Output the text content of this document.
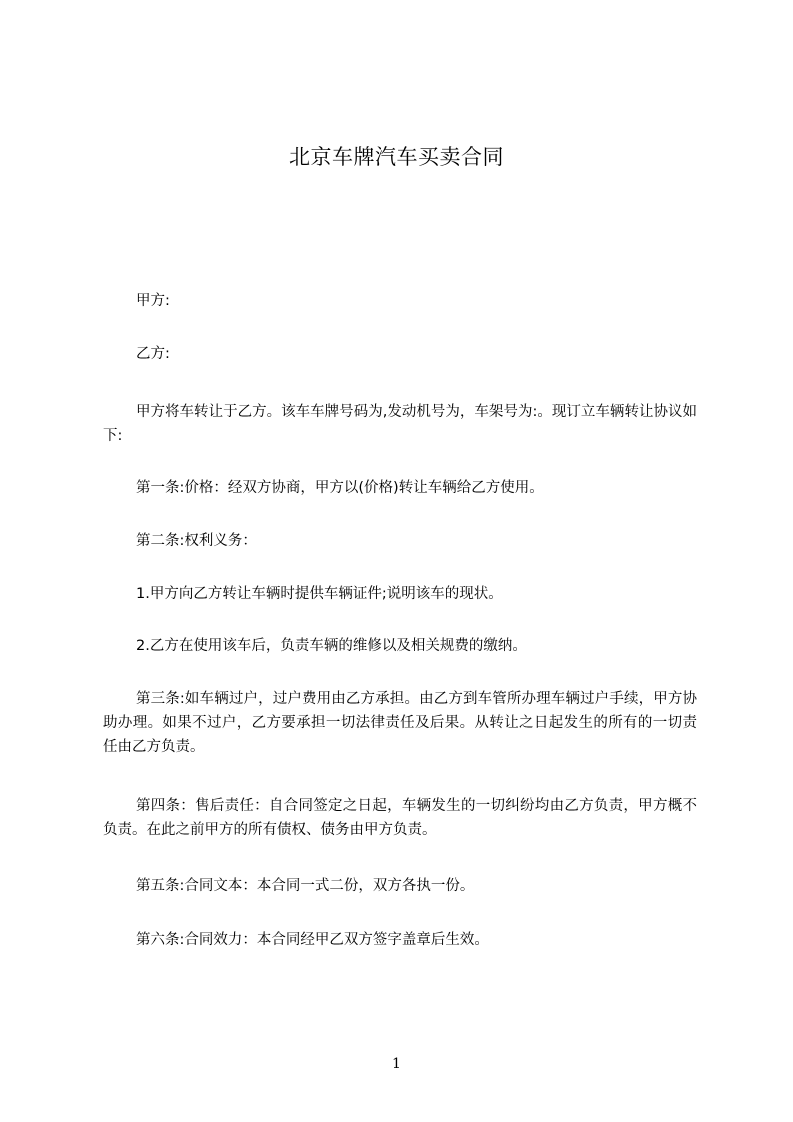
北京车牌汽车买卖合同

甲方:

乙方:

甲方将车转让于乙方。该车车牌号码为,发动机号为，车架号为:。现订立车辆转让协议如下:

第一条:价格：经双方协商，甲方以(价格)转让车辆给乙方使用。

第二条:权利义务：

1.甲方向乙方转让车辆时提供车辆证件;说明该车的现状。

2.乙方在使用该车后，负责车辆的维修以及相关规费的缴纳。

第三条:如车辆过户，过户费用由乙方承担。由乙方到车管所办理车辆过户手续，甲方协助办理。如果不过户，乙方要承担一切法律责任及后果。从转让之日起发生的所有的一切责任由乙方负责。

第四条：售后责任：自合同签定之日起，车辆发生的一切纠纷均由乙方负责，甲方概不负责。在此之前甲方的所有债权、债务由甲方负责。

第五条:合同文本：本合同一式二份，双方各执一份。

第六条:合同效力：本合同经甲乙双方签字盖章后生效。

1
